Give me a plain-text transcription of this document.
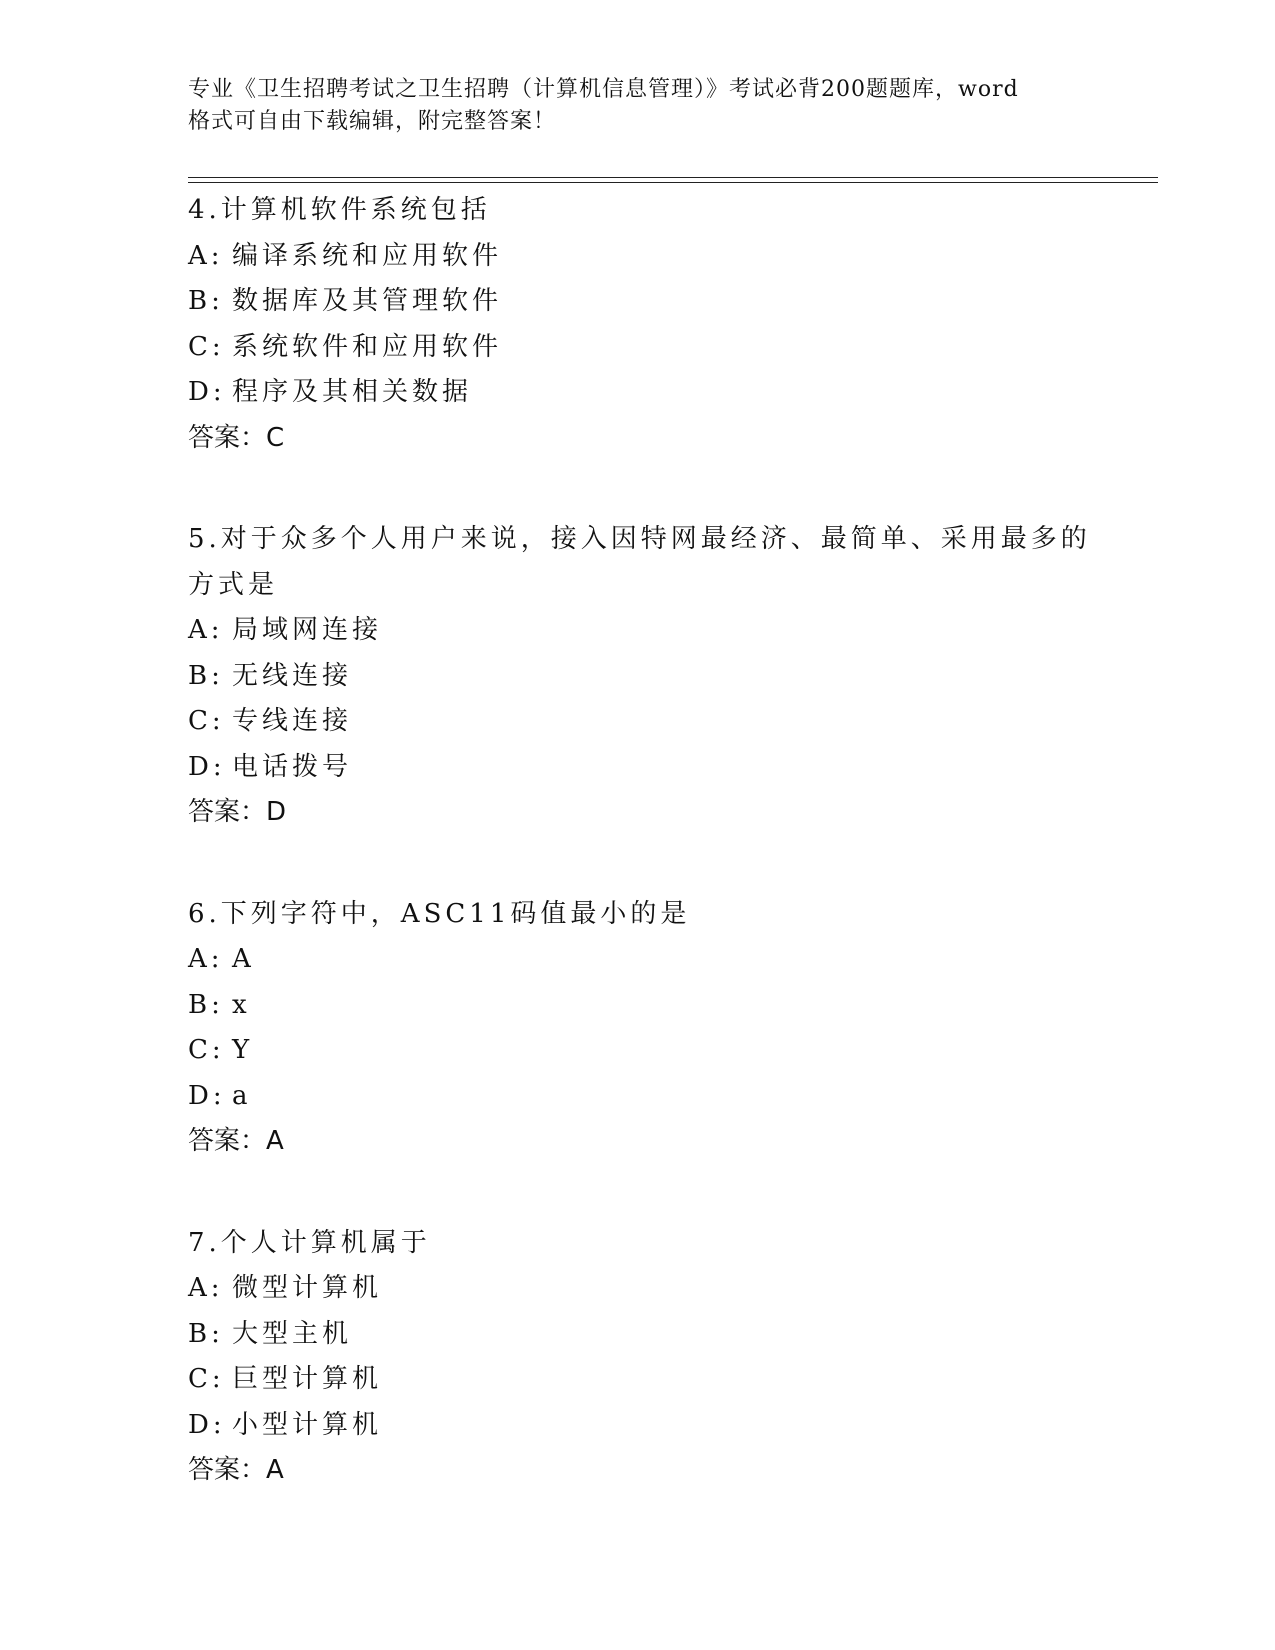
专业《卫生招聘考试之卫生招聘（计算机信息管理）》考试必背200题题库，word
格式可自由下载编辑，附完整答案！
4.计算机软件系统包括
A: 编译系统和应用软件
B: 数据库及其管理软件
C: 系统软件和应用软件
D: 程序及其相关数据
答案：C
5.对于众多个人用户来说，接入因特网最经济、最简单、采用最多的
方式是
A: 局域网连接
B: 无线连接
C: 专线连接
D: 电话拨号
答案：D
6.下列字符中，ASC11码值最小的是
A: A
B: x
C: Y
D: a
答案：A
7.个人计算机属于
A: 微型计算机
B: 大型主机
C: 巨型计算机
D: 小型计算机
答案：A
